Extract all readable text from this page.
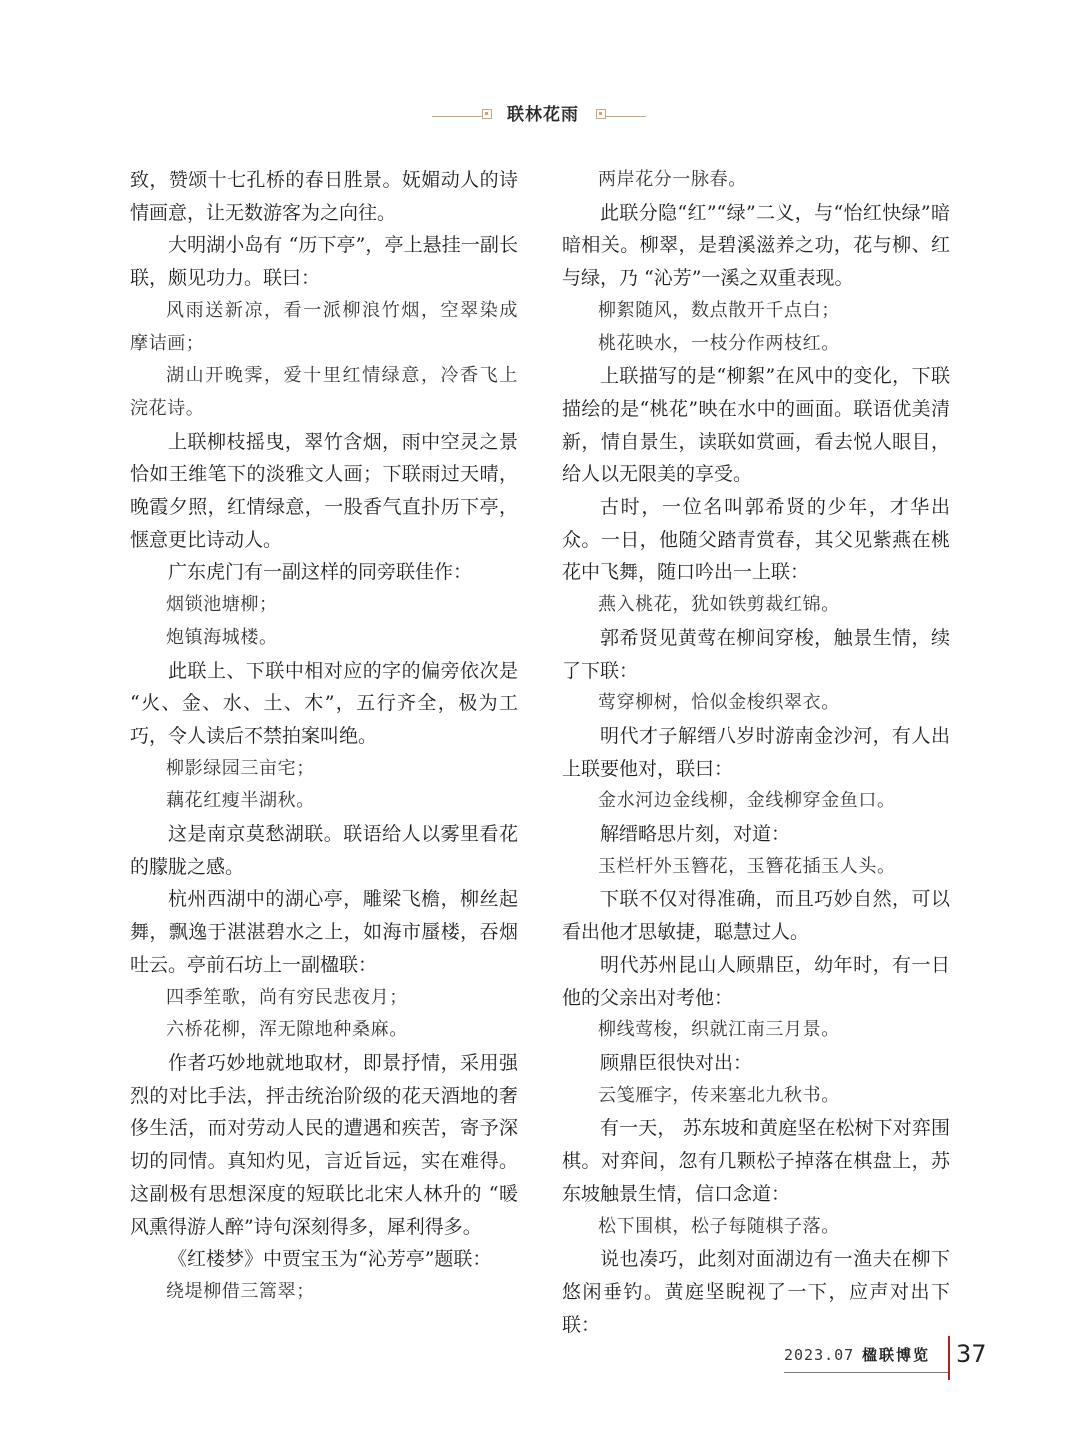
联林花雨

致，赞颂十七孔桥的春日胜景。妩媚动人的诗情画意，让无数游客为之向往。

大明湖小岛有 “历下亭”，亭上悬挂一副长联，颇见功力。联曰：

风雨送新凉，看一派柳浪竹烟，空翠染成摩诘画；

湖山开晚霁，爱十里红情绿意，冷香飞上浣花诗。

上联柳枝摇曳，翠竹含烟，雨中空灵之景恰如王维笔下的淡雅文人画；下联雨过天晴，晚霞夕照，红情绿意，一股香气直扑历下亭，惬意更比诗动人。

广东虎门有一副这样的同旁联佳作：

烟锁池塘柳；

炮镇海城楼。

此联上、下联中相对应的字的偏旁依次是 “火、金、水、土、木”，五行齐全，极为工巧，令人读后不禁拍案叫绝。

柳影绿园三亩宅；

藕花红瘦半湖秋。

这是南京莫愁湖联。联语给人以雾里看花的朦胧之感。

杭州西湖中的湖心亭，雕梁飞檐，柳丝起舞，飘逸于湛湛碧水之上，如海市蜃楼，吞烟吐云。亭前石坊上一副楹联：

四季笙歌，尚有穷民悲夜月；

六桥花柳，浑无隙地种桑麻。

作者巧妙地就地取材，即景抒情，采用强烈的对比手法，抨击统治阶级的花天酒地的奢侈生活，而对劳动人民的遭遇和疾苦，寄予深切的同情。真知灼见，言近旨远，实在难得。这副极有思想深度的短联比北宋人林升的 “暖风熏得游人醉”诗句深刻得多，犀利得多。

《红楼梦》中贾宝玉为“沁芳亭”题联：

绕堤柳借三篙翠；

两岸花分一脉春。

此联分隐“红”“绿”二义，与“怡红快绿”暗暗相关。柳翠，是碧溪滋养之功，花与柳、红与绿，乃 “沁芳”一溪之双重表现。

柳絮随风，数点散开千点白；

桃花映水，一枝分作两枝红。

上联描写的是“柳絮”在风中的变化，下联描绘的是“桃花”映在水中的画面。联语优美清新，情自景生，读联如赏画，看去悦人眼目，给人以无限美的享受。

古时，一位名叫郭希贤的少年，才华出众。一日，他随父踏青赏春，其父见紫燕在桃花中飞舞，随口吟出一上联：

燕入桃花，犹如铁剪裁红锦。

郭希贤见黄莺在柳间穿梭，触景生情，续了下联：

莺穿柳树，恰似金梭织翠衣。

明代才子解缙八岁时游南金沙河，有人出上联要他对，联曰：

金水河边金线柳，金线柳穿金鱼口。

解缙略思片刻，对道：

玉栏杆外玉簪花，玉簪花插玉人头。

下联不仅对得准确，而且巧妙自然，可以看出他才思敏捷，聪慧过人。

明代苏州昆山人顾鼎臣，幼年时，有一日他的父亲出对考他：

柳线莺梭，织就江南三月景。

顾鼎臣很快对出：

云笺雁字，传来塞北九秋书。

有一天， 苏东坡和黄庭坚在松树下对弈围棋。对弈间，忽有几颗松子掉落在棋盘上，苏东坡触景生情，信口念道：

松下围棋，松子每随棋子落。

说也凑巧，此刻对面湖边有一渔夫在柳下悠闲垂钓。黄庭坚睨视了一下，应声对出下联：

2023.07 楹联博览 37
